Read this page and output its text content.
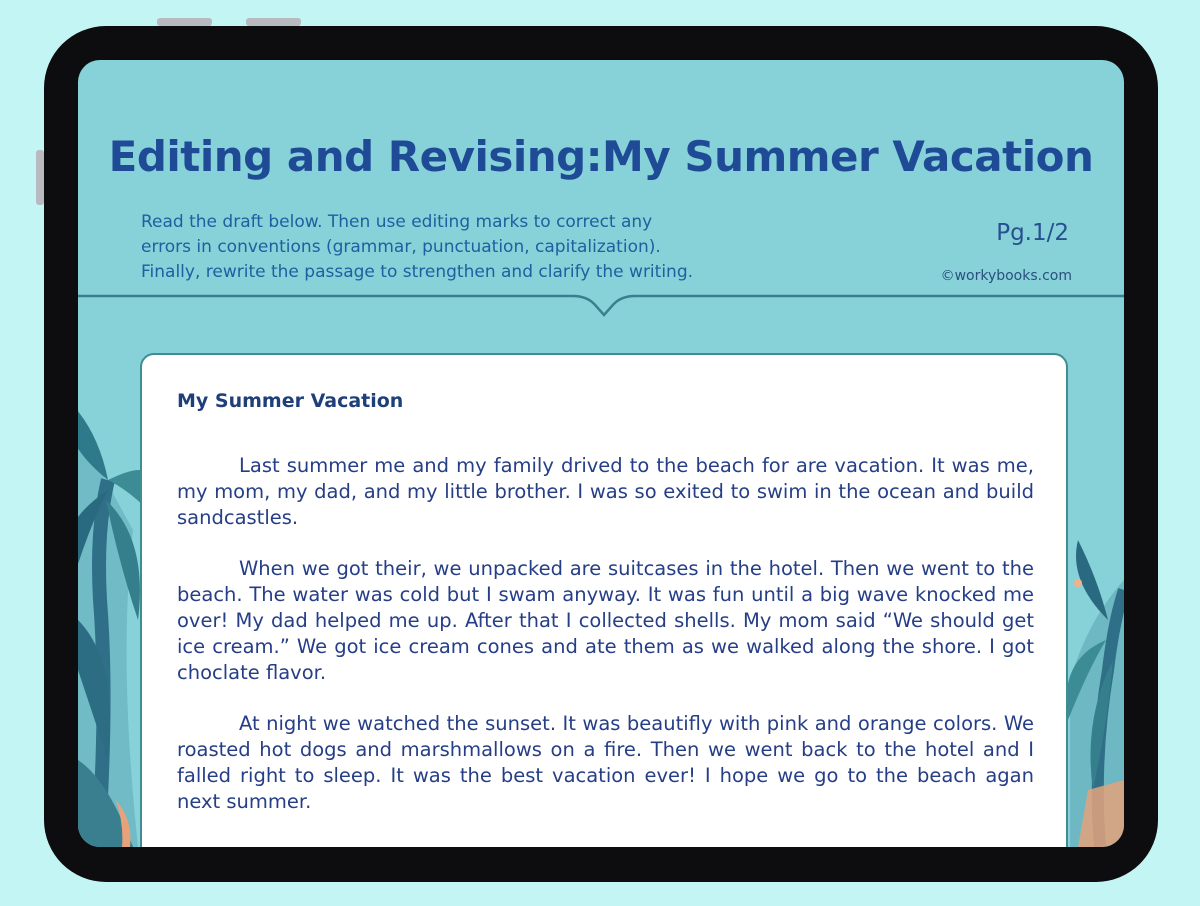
Editing and Revising:My Summer Vacation
Read the draft below. Then use editing marks to correct any
errors in conventions (grammar, punctuation, capitalization).
Finally, rewrite the passage to strengthen and clarify the writing.
Pg.1/2
©workybooks.com
My Summer Vacation

Last summer me and my family drived to the beach for are vacation. It was me, my mom, my dad, and my little brother. I was so exited to swim in the ocean and build sandcastles.

When we got their, we unpacked are suitcases in the hotel. Then we went to the beach. The water was cold but I swam anyway. It was fun until a big wave knocked me over! My dad helped me up. After that I collected shells. My mom said “We should get ice cream.” We got ice cream cones and ate them as we walked along the shore. I got choclate flavor.

At night we watched the sunset. It was beautifly with pink and orange colors. We roasted hot dogs and marshmallows on a fire. Then we went back to the hotel and I falled right to sleep. It was the best vacation ever! I hope we go to the beach agan next summer.
